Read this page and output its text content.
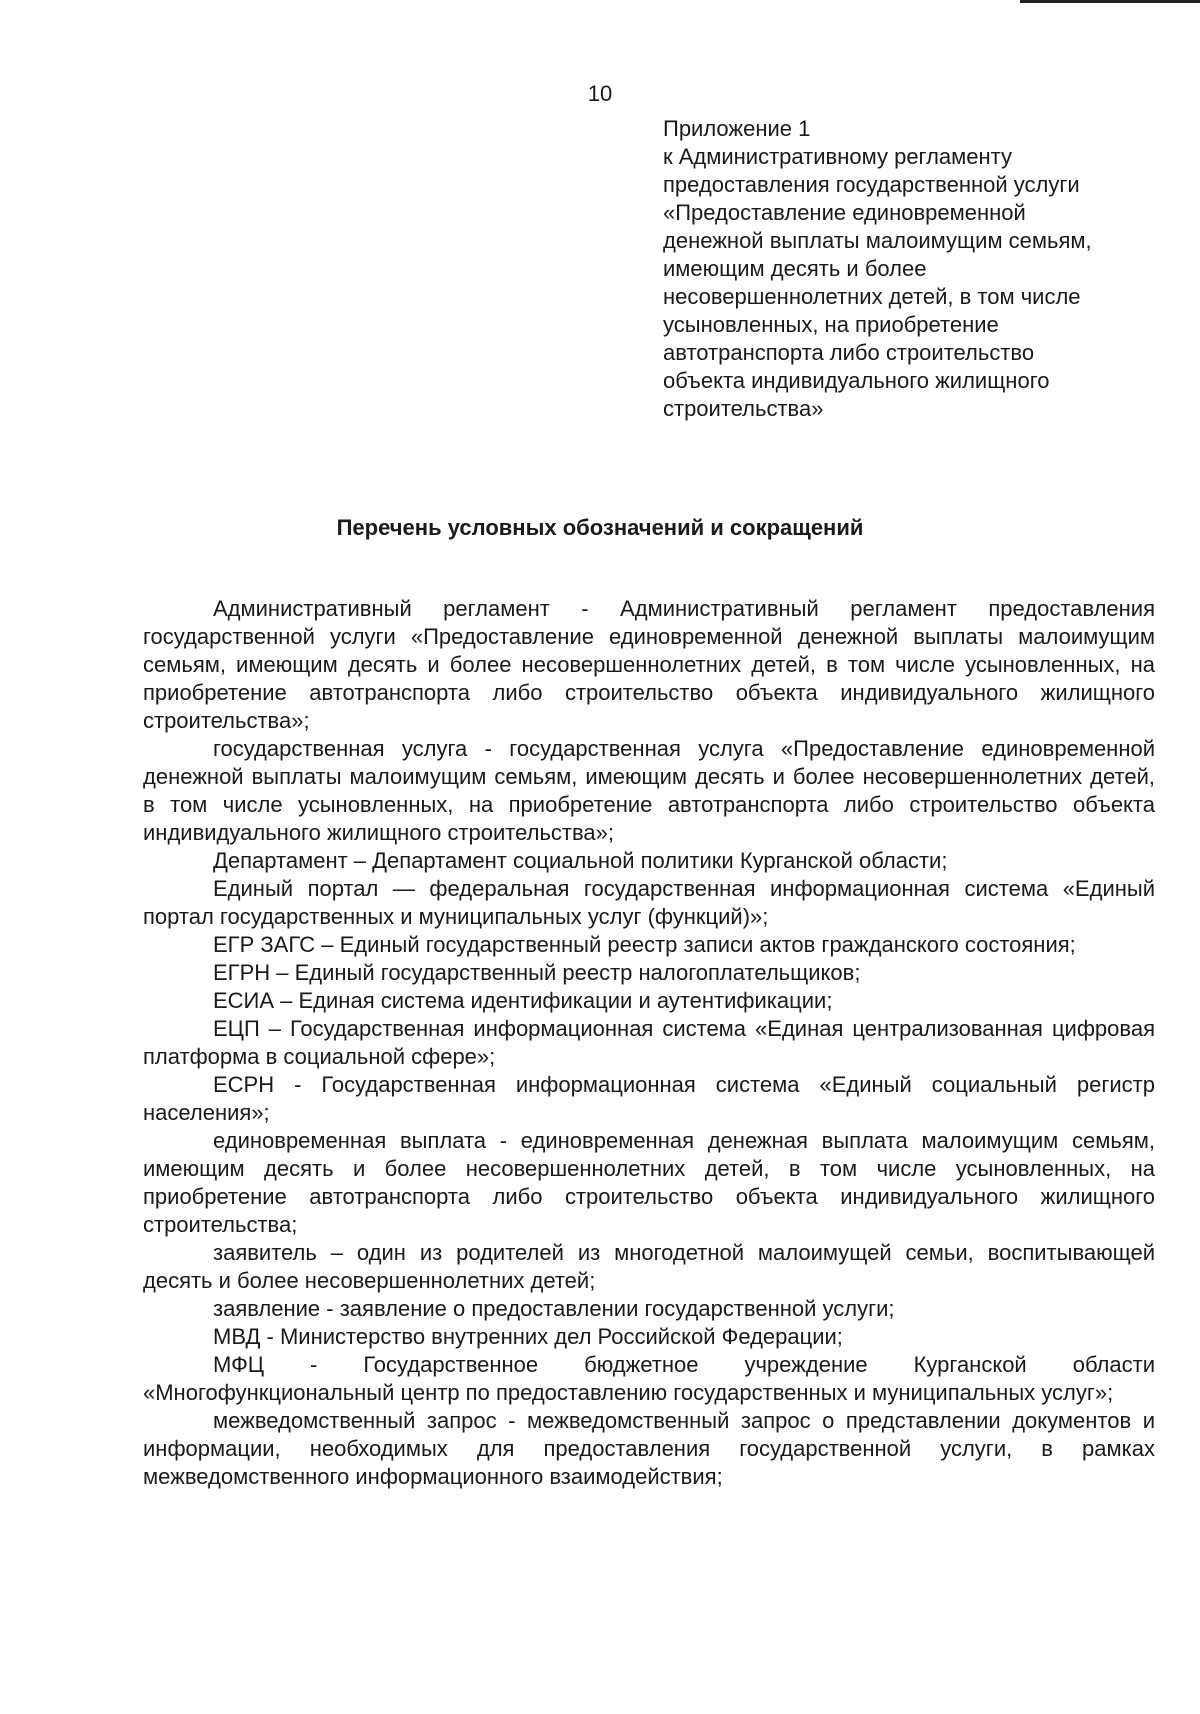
10
Приложение 1
к Административному регламенту
предоставления государственной услуги
«Предоставление единовременной
денежной выплаты малоимущим семьям,
имеющим десять и более
несовершеннолетних детей, в том числе
усыновленных, на приобретение
автотранспорта либо строительство
объекта индивидуального жилищного
строительства»
Перечень условных обозначений и сокращений

Административный регламент - Административный регламент предоставления государственной услуги «Предоставление единовременной денежной выплаты малоимущим семьям, имеющим десять и более несовершеннолетних детей, в том числе усыновленных, на приобретение автотранспорта либо строительство объекта индивидуального жилищного строительства»;

государственная услуга - государственная услуга «Предоставление единовременной денежной выплаты малоимущим семьям, имеющим десять и более несовершеннолетних детей, в том числе усыновленных, на приобретение автотранспорта либо строительство объекта индивидуального жилищного строительства»;

Департамент – Департамент социальной политики Курганской области;

Единый портал — федеральная государственная информационная система «Единый портал государственных и муниципальных услуг (функций)»;

ЕГР ЗАГС – Единый государственный реестр записи актов гражданского состояния;

ЕГРН – Единый государственный реестр налогоплательщиков;

ЕСИА – Единая система идентификации и аутентификации;

ЕЦП – Государственная информационная система «Единая централизованная цифровая платформа в социальной сфере»;

ЕСРН - Государственная информационная система «Единый социальный регистр населения»;

единовременная выплата - единовременная денежная выплата малоимущим семьям, имеющим десять и более несовершеннолетних детей, в том числе усыновленных, на приобретение автотранспорта либо строительство объекта индивидуального жилищного строительства;

заявитель – один из родителей из многодетной малоимущей семьи, воспитывающей десять и более несовершеннолетних детей;

заявление - заявление о предоставлении государственной услуги;

МВД - Министерство внутренних дел Российской Федерации;

МФЦ - Государственное бюджетное учреждение Курганской области «Многофункциональный центр по предоставлению государственных и муниципальных услуг»;

межведомственный запрос - межведомственный запрос о представлении документов и информации, необходимых для предоставления государственной услуги, в рамках межведомственного информационного взаимодействия;
